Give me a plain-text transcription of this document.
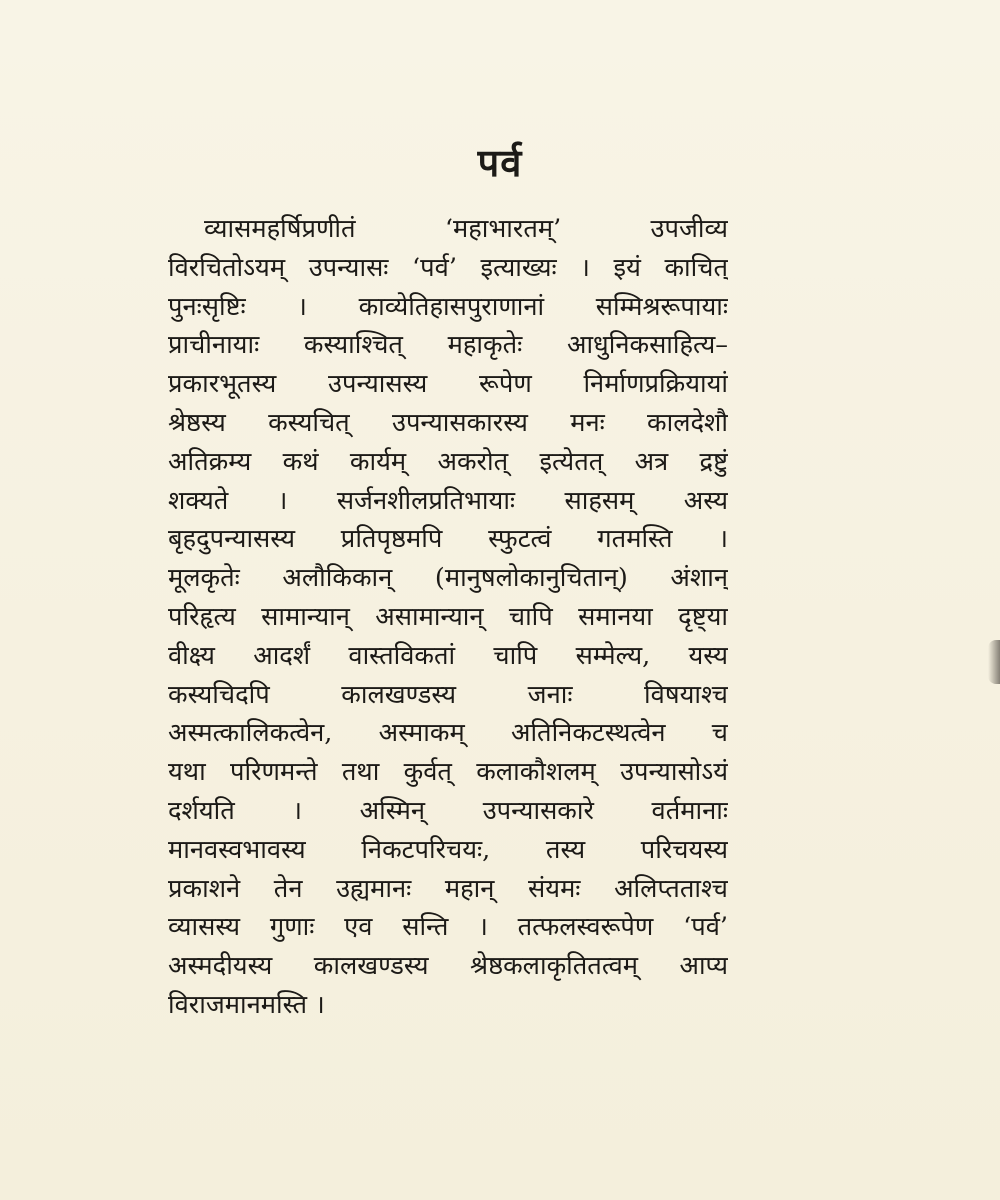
पर्व
व्यासमहर्षिप्रणीतं ‘महाभारतम्’ उपजीव्य
विरचितोऽयम् उपन्यासः ‘पर्व’ इत्याख्यः । इयं काचित्
पुनःसृष्टिः । काव्येतिहासपुराणानां सम्मिश्ररूपायाः
प्राचीनायाः कस्याश्चित् महाकृतेः आधुनिकसाहित्य–
प्रकारभूतस्य उपन्यासस्य रूपेण निर्माणप्रक्रियायां
श्रेष्ठस्य कस्यचित् उपन्यासकारस्य मनः कालदेशौ
अतिक्रम्य कथं कार्यम् अकरोत् इत्येतत् अत्र द्रष्टुं
शक्यते । सर्जनशीलप्रतिभायाः साहसम् अस्य
बृहदुपन्यासस्य प्रतिपृष्ठमपि स्फुटत्वं गतमस्ति ।
मूलकृतेः अलौकिकान् (मानुषलोकानुचितान्) अंशान्
परिहृत्य सामान्यान् असामान्यान् चापि समानया दृष्ट्या
वीक्ष्य आदर्शं वास्तविकतां चापि सम्मेल्य, यस्य
कस्यचिदपि कालखण्डस्य जनाः विषयाश्च
अस्मत्कालिकत्वेन, अस्माकम् अतिनिकटस्थत्वेन च
यथा परिणमन्ते तथा कुर्वत् कलाकौशलम् उपन्यासोऽयं
दर्शयति । अस्मिन् उपन्यासकारे वर्तमानाः
मानवस्वभावस्य निकटपरिचयः, तस्य परिचयस्य
प्रकाशने तेन उह्यमानः महान् संयमः अलिप्तताश्च
व्यासस्य गुणाः एव सन्ति । तत्फलस्वरूपेण ‘पर्व’
अस्मदीयस्य कालखण्डस्य श्रेष्ठकलाकृतितत्वम् आप्य
विराजमानमस्ति ।
